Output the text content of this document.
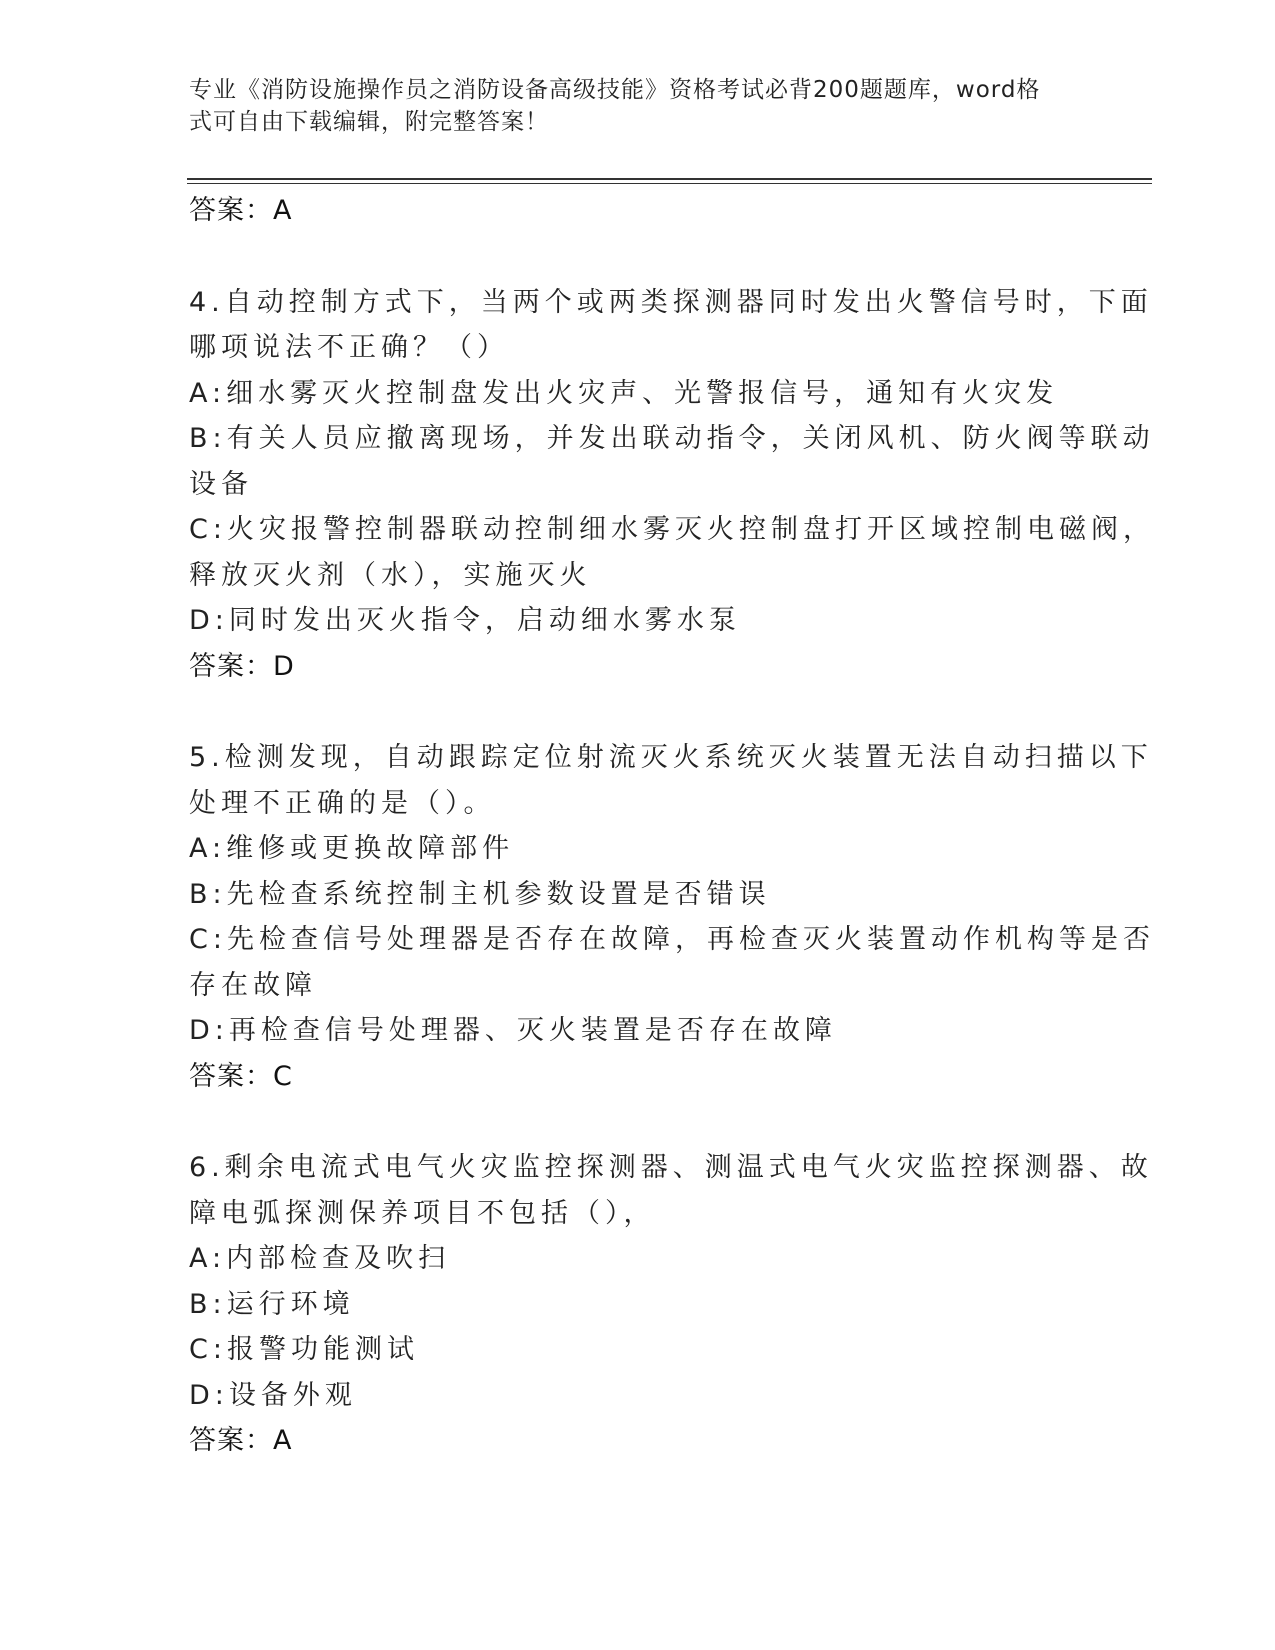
专业《消防设施操作员之消防设备高级技能》资格考试必背200题题库，word格
式可自由下载编辑，附完整答案！
答案：A
4.自动控制方式下，当两个或两类探测器同时发出火警信号时，下面
哪项说法不正确？（）
A:细水雾灭火控制盘发出火灾声、光警报信号，通知有火灾发
B:有关人员应撤离现场，并发出联动指令，关闭风机、防火阀等联动
设备
C:火灾报警控制器联动控制细水雾灭火控制盘打开区域控制电磁阀，
释放灭火剂（水），实施灭火
D:同时发出灭火指令，启动细水雾水泵
答案：D
5.检测发现，自动跟踪定位射流灭火系统灭火装置无法自动扫描以下
处理不正确的是（）。
A:维修或更换故障部件
B:先检查系统控制主机参数设置是否错误
C:先检查信号处理器是否存在故障，再检查灭火装置动作机构等是否
存在故障
D:再检查信号处理器、灭火装置是否存在故障
答案：C
6.剩余电流式电气火灾监控探测器、测温式电气火灾监控探测器、故
障电弧探测保养项目不包括（），
A:内部检查及吹扫
B:运行环境
C:报警功能测试
D:设备外观
答案：A
